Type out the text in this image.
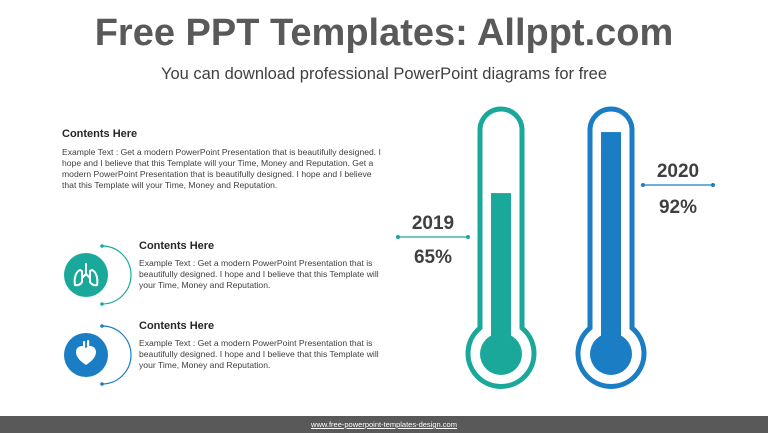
Free PPT Templates: Allppt.com
You can download professional PowerPoint diagrams for free
Contents Here
Example Text : Get a modern PowerPoint Presentation that is beautifully designed. I hope and I believe that this Template will your Time, Money and Reputation. Get a modern PowerPoint Presentation that is beautifully designed. I hope and I believe that this Template will your Time, Money and Reputation.
Contents Here
Example Text : Get a modern PowerPoint Presentation that is beautifully designed. I hope and I believe that this Template will your Time, Money and Reputation.
Contents Here
Example Text : Get a modern PowerPoint Presentation that is beautifully designed. I hope and I believe that this Template will your Time, Money and Reputation.
2019
65%
2020
92%
www.free-powerpoint-templates-design.com
